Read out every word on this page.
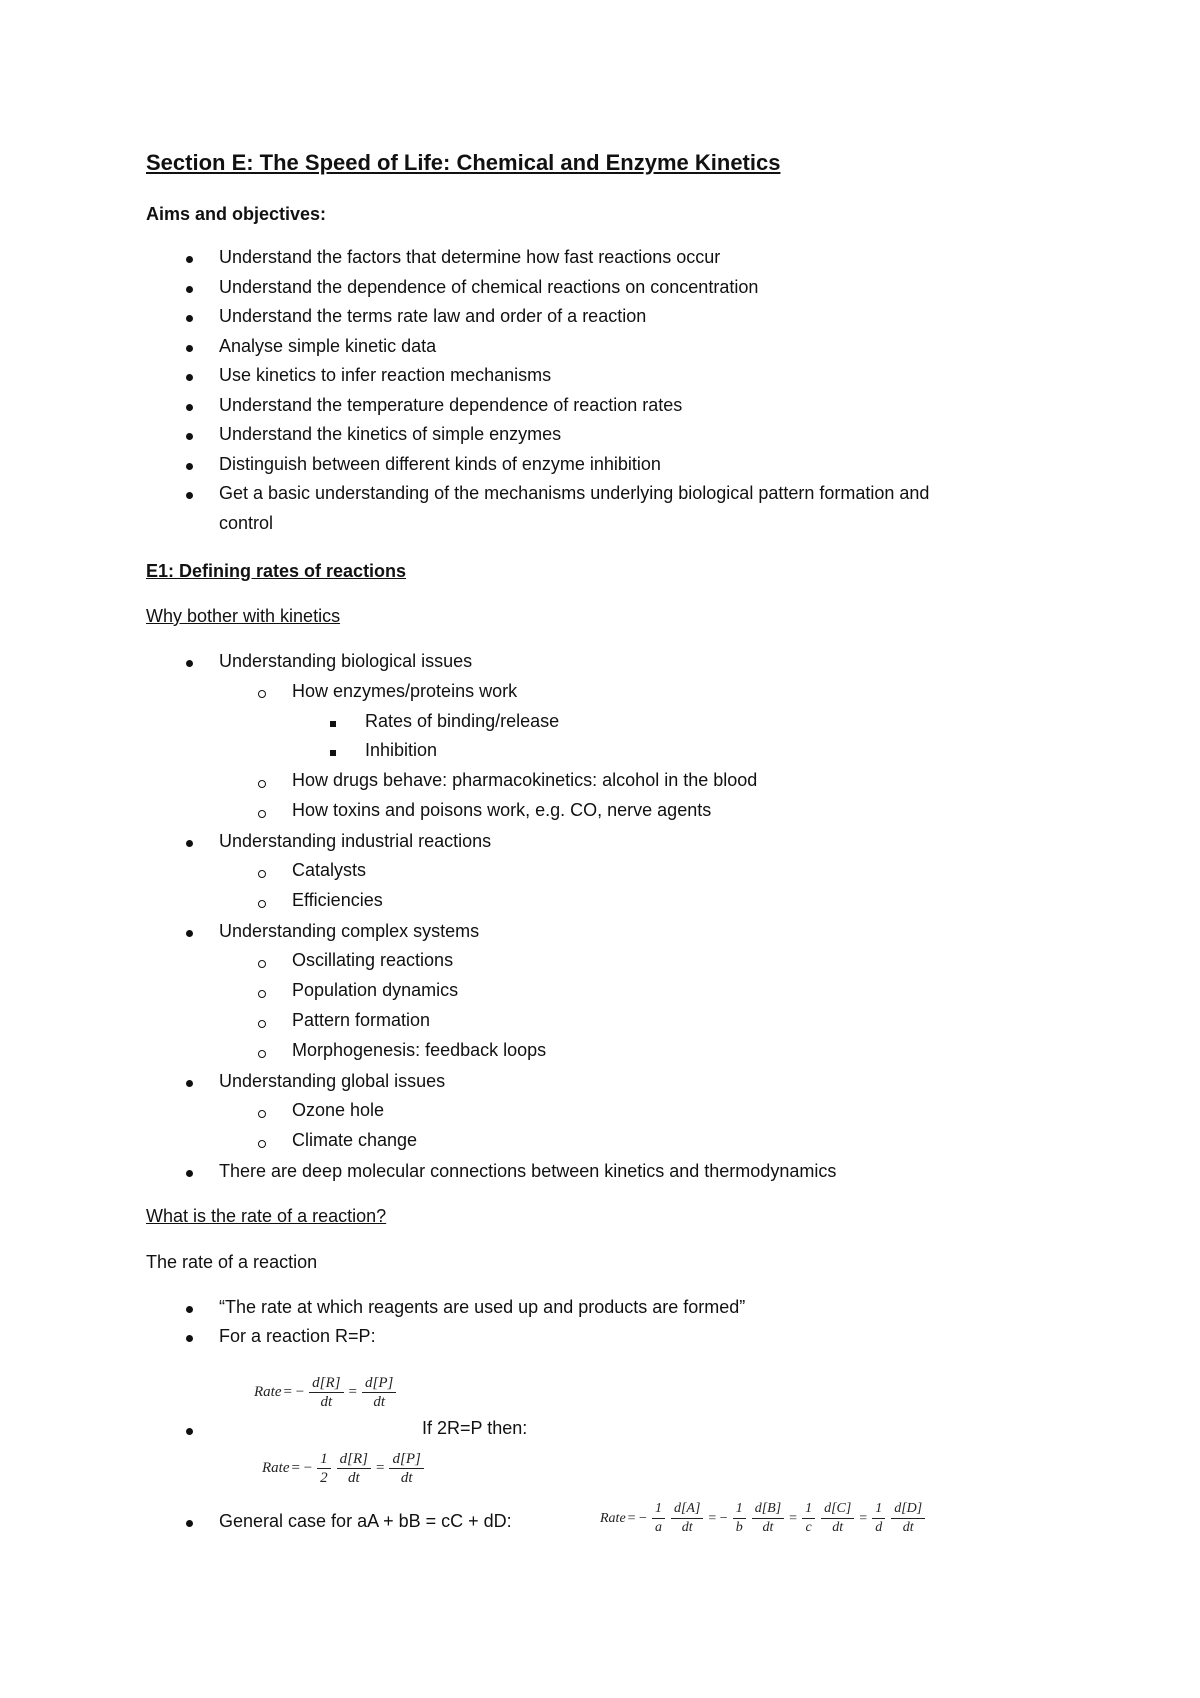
Section E: The Speed of Life: Chemical and Enzyme Kinetics
Aims and objectives:
Understand the factors that determine how fast reactions occur
Understand the dependence of chemical reactions on concentration
Understand the terms rate law and order of a reaction
Analyse simple kinetic data
Use kinetics to infer reaction mechanisms
Understand the temperature dependence of reaction rates
Understand the kinetics of simple enzymes
Distinguish between different kinds of enzyme inhibition
Get a basic understanding of the mechanisms underlying biological pattern formation and
control
E1: Defining rates of reactions
Why bother with kinetics
Understanding biological issues
How enzymes/proteins work
Rates of binding/release
Inhibition
How drugs behave: pharmacokinetics: alcohol in the blood
How toxins and poisons work, e.g. CO, nerve agents
Understanding industrial reactions
Catalysts
Efficiencies
Understanding complex systems
Oscillating reactions
Population dynamics
Pattern formation
Morphogenesis: feedback loops
Understanding global issues
Ozone hole
Climate change
There are deep molecular connections between kinetics and thermodynamics
What is the rate of a reaction?
The rate of a reaction
“The rate at which reagents are used up and products are formed”
For a reaction R=P:
Rate = − $\frac{d[R]}{dt} = \frac{d[P]}{dt}$
If 2R=P then:
Rate = − $\frac{1}{2} \frac{d[R]}{dt} = \frac{d[P]}{dt}$
General case for aA + bB = cC + dD:	Rate = − $\frac{1}{a} \frac{d[A]}{dt}$ = − $\frac{1}{b} \frac{d[B]}{dt} = \frac{1}{c} \frac{d[C]}{dt} = \frac{1}{d} \frac{d[D]}{dt}$
